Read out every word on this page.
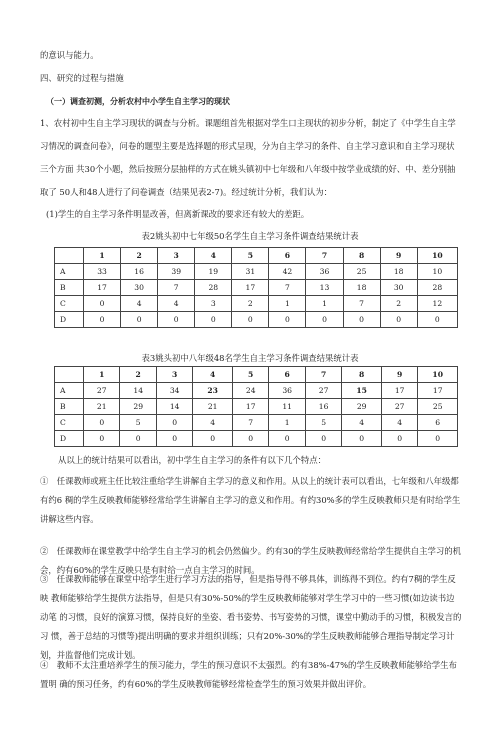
的意识与能力。
四、研究的过程与措施
（一）调查初测，分析农村中小学生自主学习的现状
1、农村初中生自主学习现状的调查与分析。课题组首先根据对学生口主现状的初步分析，制定了《中学生自主学 习情况的调查问卷》，问卷的题型主要是选择题的形式呈现，分为自主学习的条件、自主学习意识和自主学习现状三个方面 共30个小题，然后按照分层抽样的方式在姚头镇初中七年级和八年级中按学业成绩的好、中、差分别抽取了 50人和48人进行了问卷调查（结果见表2-7)。经过统计分析，我们认为：
(1)学生的自主学习条件明显改善，但离新课改的要求还有较大的差距。
表2姚头初中七年级50名学生自主学习条件调查结果统计表
	1	2	3	4	5	6	7	8	9	10
A	33	16	39	19	31	42	36	25	18	10
B	17	30	7	28	17	7	13	18	30	28
C	0	4	4	3	2	1	1	7	2	12
D	0	0	0	0	0	0	0	0	0	0
表3姚头初中八年级48名学生自主学习条件调查结果统计表
	1	2	3	4	5	6	7	8	9	10
A	27	14	34	23	24	36	27	15	17	17
B	21	29	14	21	17	11	16	29	27	25
C	0	5	0	4	7	1	5	4	4	6
D	0	0	0	0	0	0	0	0	0	0
从以上的统计结果可以看出，初中学生自主学习的条件有以下几个特点：
①　任课教师或班主任比较注重给学生讲解自主学习的意义和作用。从以上的统计表可以看出，七年级和八年级都 有约6 稠的学生反映教师能够经常给学生讲解自主学习的意义和作用。有约30%多的学生反映教师只是有时给学生 讲解这些内容。
②　任课教师在课堂教学中给学生自主学习的机会仍然偏少。约有30的学生反映教师经常给学生提供自主学习的机 会，约有60%的学生反映只是有时给一点自主学习的时间。
③　任课教师能够在课堂中给学生进行学习方法的指导，但是指导得不够具体，训练得不到位。约有7稠的学生反映 教师能够给学生提供方法指导，但是只有30%-50%的学生反映教师能够对学生学习中的一些习惯(如边读书边动笔 的习惯，良好的演算习惯，保持良好的坐姿、看书姿势、书写姿势的习惯，课堂中勤动手的习惯，积极发言的习 惯，善于总结的习惯等)提出明确的要求并组织训练；只有20%-30%的学生反映教师能够合理指导制定学习计划，并监督他们完成计划。
④　教师不太注重培养学生的预习能力，学生的预习意识不太强烈。约有38%-47%的学生反映教师能够给学生布置明 确的预习任务，约有60%的学生反映教师能够经常检查学生的预习效果并做出评价。
